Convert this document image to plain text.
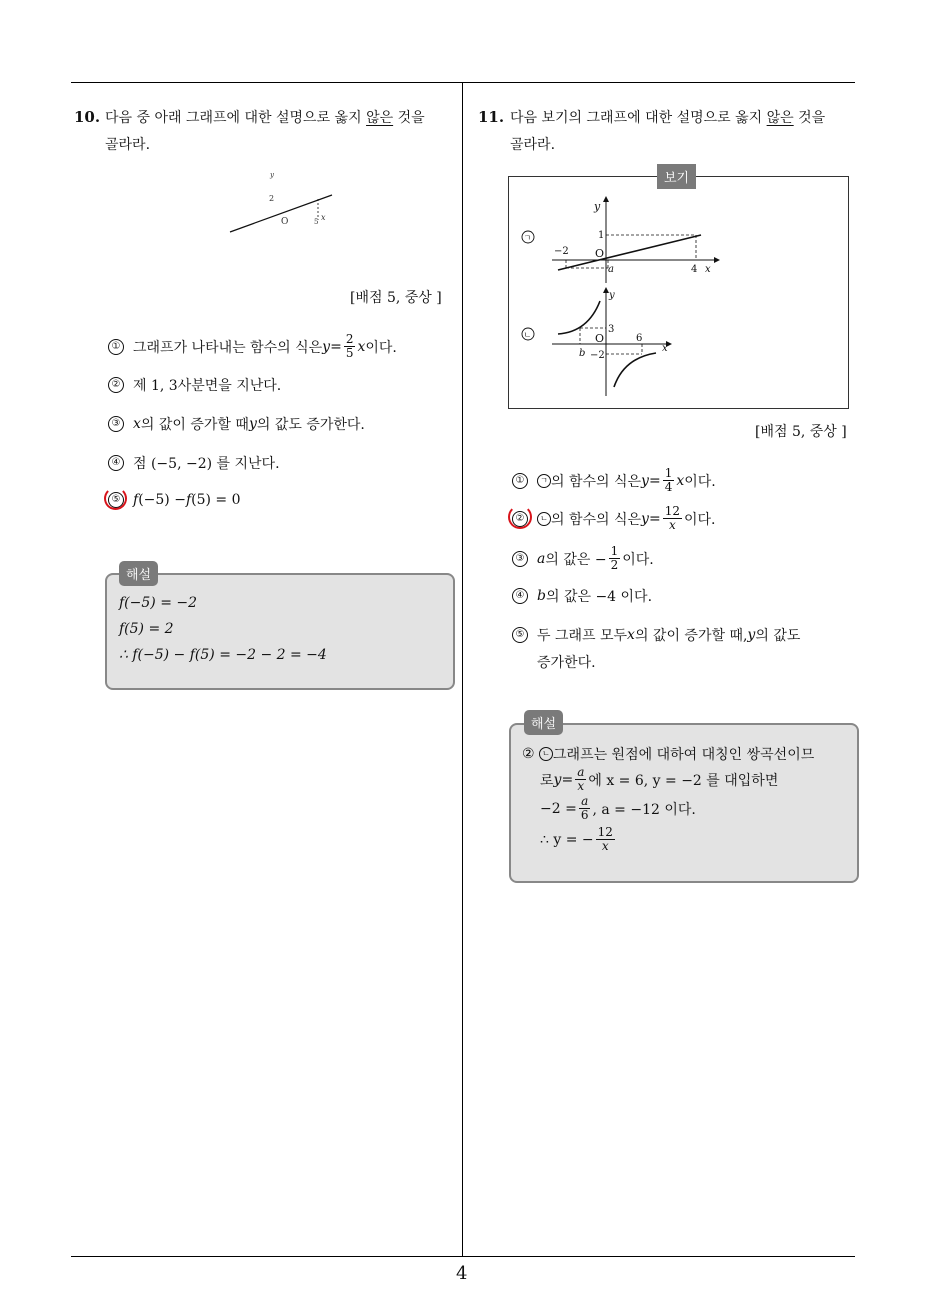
4
10. 다음 중 아래 그래프에 대한 설명으로 옳지 않은 것을
골라라.
y
2
O	5 x
[배점 5, 중상 ]
① 그래프가 나타내는 함수의 식은 $y = \frac{2}{5}$ x 이다.
② 제 1, 3사분면을 지난다.
③ x 의 값이 증가할 때 y 의 값도 증가한다.
④ 점 (−5, −2) 를 지난다.
⑤ f (−5) − f (5) = 0
해설
f(−5) = −2
f(5) = 2
∴ f(−5) − f(5) = −2 − 2 = −4
11. 다음 보기의 그래프에 대한 설명으로 옳지 않은 것을
골라라.
보기
ㄱ
y
x
1
−2 O
a	4
ㄴ
y
x
3
O	6
b −2
[배점 5, 중상 ]
①	ㄱ 의 함수의 식은 $y = \frac{1}{4}$ x 이다.
②	ㄴ 의 함수의 식은 $y = \frac{12}{x}$ 이다.
③ a 의 값은 − $\frac{1}{2}$ 이다.
④ b 의 값은 −4 이다.
⑤ 두 그래프 모두 x 의 값이 증가할 때, y 의 값도
증가한다.
해설
②
ㄴ 그래프는 원점에 대하여 대칭인 쌍곡선이므
로 $y = \frac{a}{x}$ 에 x = 6, y = −2 를 대입하면
$-2 = \frac{a}{6}$ , a = −12 이다.
∴ y = − $\frac{12}{x}$
